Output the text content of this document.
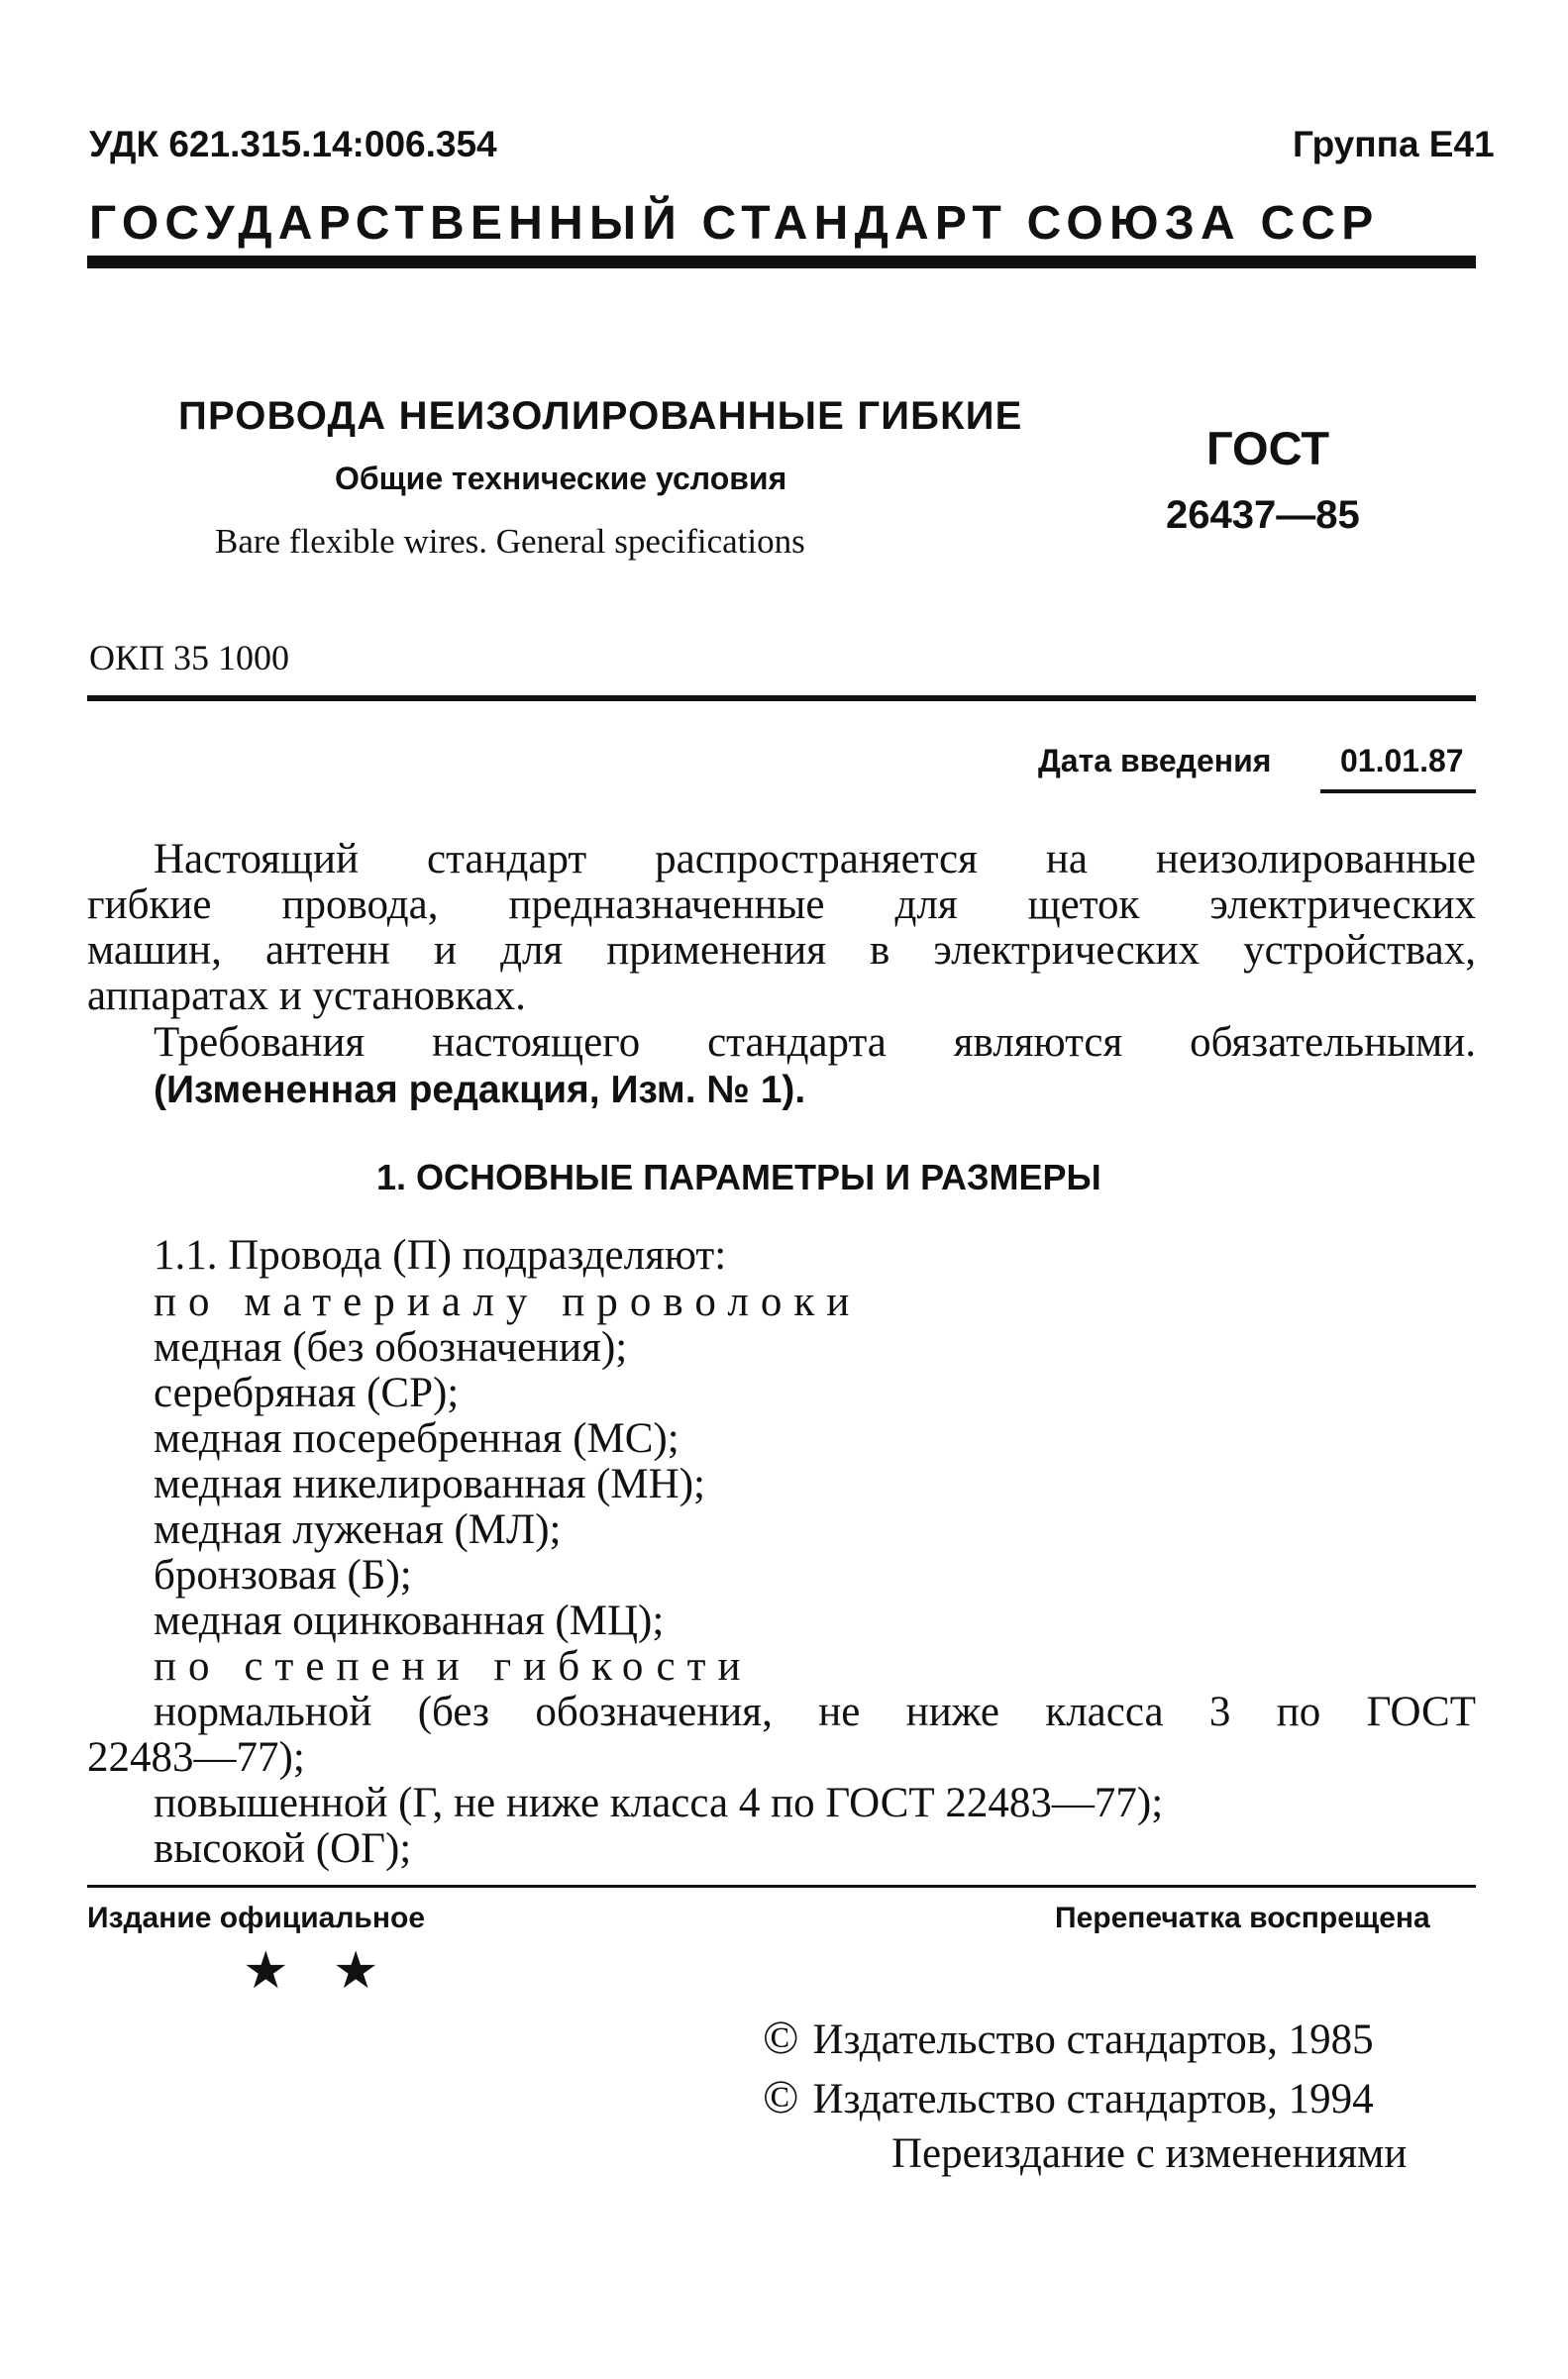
УДК 621.315.14:006.354	Группа Е41
ГОСУДАРСТВЕННЫЙ СТАНДАРТ СОЮЗА ССР
ПРОВОДА НЕИЗОЛИРОВАННЫЕ ГИБКИЕ
Общие технические условия
Bare flexible wires. General specifications
ГОСТ
26437—85
ОКП 35 1000
Дата введения 01.01.87
Настоящий стандарт распространяется на неизолированные
гибкие провода, предназначенные для щеток электрических
машин, антенн и для применения в электрических устройствах,
аппаратах и установках.
Требования настоящего стандарта являются обязательными.
(Измененная редакция, Изм. № 1).
1. ОСНОВНЫЕ ПАРАМЕТРЫ И РАЗМЕРЫ
1.1. Провода (П) подразделяют:
по материалу проволоки
медная (без обозначения);
серебряная (СР);
медная посеребренная (МС);
медная никелированная (МН);
медная луженая (МЛ);
бронзовая (Б);
медная оцинкованная (МЦ);
по степени гибкости
нормальной (без обозначения, не ниже класса 3 по ГОСТ
22483—77);
повышенной (Г, не ниже класса 4 по ГОСТ 22483—77);
высокой (ОГ);
Издание официальное	Перепечатка воспрещена
★ ★
© Издательство стандартов, 1985
© Издательство стандартов, 1994
Переиздание с изменениями
